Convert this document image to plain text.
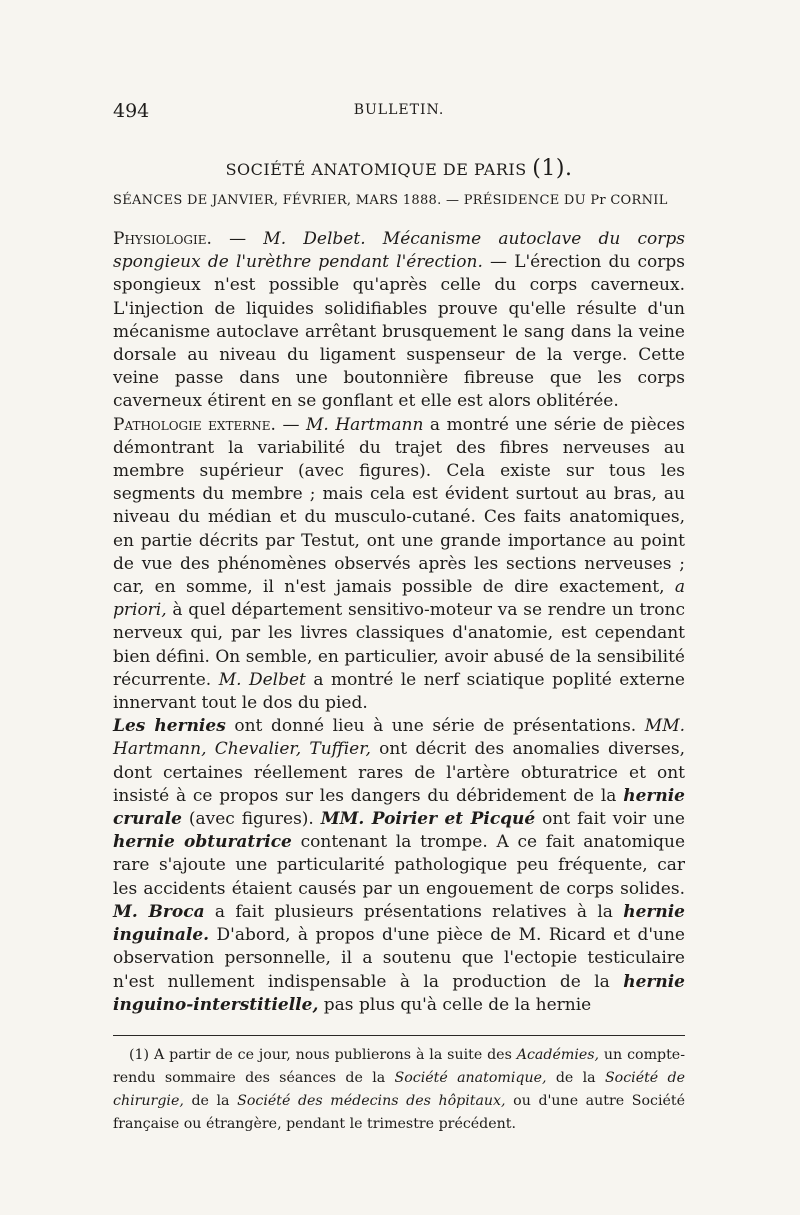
494	BULLETIN.
SOCIÉTÉ ANATOMIQUE DE PARIS (1).
SÉANCES DE JANVIER, FÉVRIER, MARS 1888. — PRÉSIDENCE DU Pr CORNIL

Physiologie. — M. Delbet. Mécanisme autoclave du corps spongieux de l'urèthre pendant l'érection. — L'érection du corps spongieux n'est possible qu'après celle du corps caverneux. L'injection de liquides solidifiables prouve qu'elle résulte d'un mécanisme autoclave arrêtant brusquement le sang dans la veine dorsale au niveau du ligament suspenseur de la verge. Cette veine passe dans une boutonnière fibreuse que les corps caverneux étirent en se gonflant et elle est alors oblitérée.

Pathologie externe. — M. Hartmann a montré une série de pièces démontrant la variabilité du trajet des fibres nerveuses au membre supérieur (avec figures). Cela existe sur tous les segments du membre ; mais cela est évident surtout au bras, au niveau du médian et du musculo-cutané. Ces faits anatomiques, en partie décrits par Testut, ont une grande importance au point de vue des phénomènes observés après les sections nerveuses ; car, en somme, il n'est jamais possible de dire exactement, a priori, à quel département sensitivo-moteur va se rendre un tronc nerveux qui, par les livres classiques d'anatomie, est cependant bien défini. On semble, en particulier, avoir abusé de la sensibilité récurrente. M. Delbet a montré le nerf sciatique poplité externe innervant tout le dos du pied.

Les hernies ont donné lieu à une série de présentations. MM. Hartmann, Chevalier, Tuffier, ont décrit des anomalies diverses, dont certaines réellement rares de l'artère obturatrice et ont insisté à ce propos sur les dangers du débridement de la hernie crurale (avec figures). MM. Poirier et Picqué ont fait voir une hernie obturatrice contenant la trompe. A ce fait anatomique rare s'ajoute une particularité pathologique peu fréquente, car les accidents étaient causés par un engouement de corps solides. M. Broca a fait plusieurs présentations relatives à la hernie inguinale. D'abord, à propos d'une pièce de M. Ricard et d'une observation personnelle, il a soutenu que l'ectopie testiculaire n'est nullement indispensable à la production de la hernie inguino-interstitielle, pas plus qu'à celle de la hernie

(1) A partir de ce jour, nous publierons à la suite des Académies, un compte-rendu sommaire des séances de la Société anatomique, de la Société de chirurgie, de la Société des médecins des hôpitaux, ou d'une autre Société française ou étrangère, pendant le trimestre précédent.
